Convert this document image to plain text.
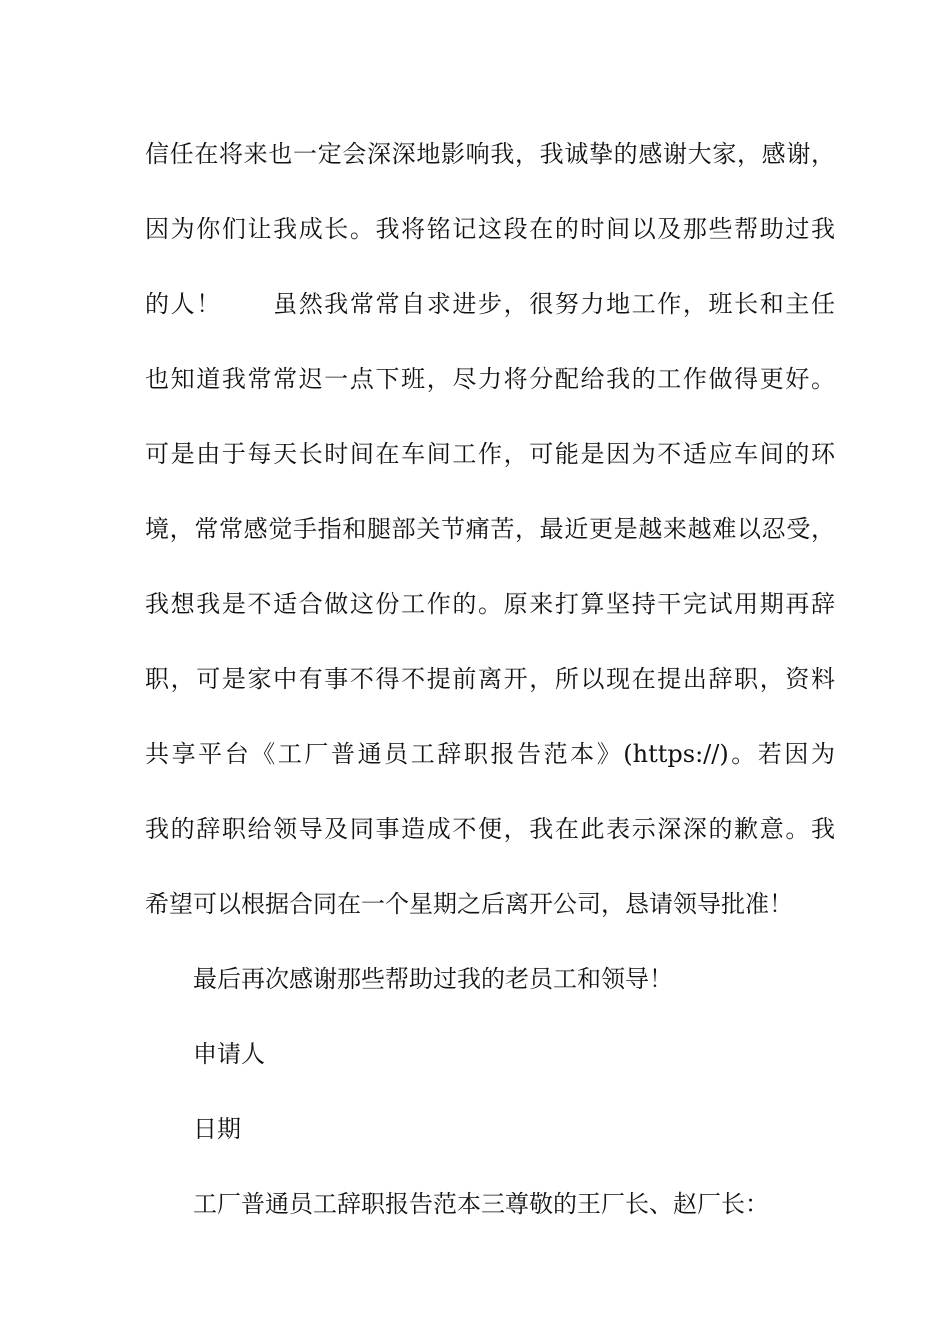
信任在将来也一定会深深地影响我，我诚挚的感谢大家，感谢，
因为你们让我成长。我将铭记这段在的时间以及那些帮助过我
的人！　　虽然我常常自求进步，很努力地工作，班长和主任
也知道我常常迟一点下班，尽力将分配给我的工作做得更好。
可是由于每天长时间在车间工作，可能是因为不适应车间的环
境，常常感觉手指和腿部关节痛苦，最近更是越来越难以忍受，
我想我是不适合做这份工作的。原来打算坚持干完试用期再辞
职，可是家中有事不得不提前离开，所以现在提出辞职，资料
共享平台《工厂普通员工辞职报告范本》(https://)。若因为
我的辞职给领导及同事造成不便，我在此表示深深的歉意。我
希望可以根据合同在一个星期之后离开公司，恳请领导批准！
最后再次感谢那些帮助过我的老员工和领导！
申请人
日期
工厂普通员工辞职报告范本三尊敬的王厂长、赵厂长：
